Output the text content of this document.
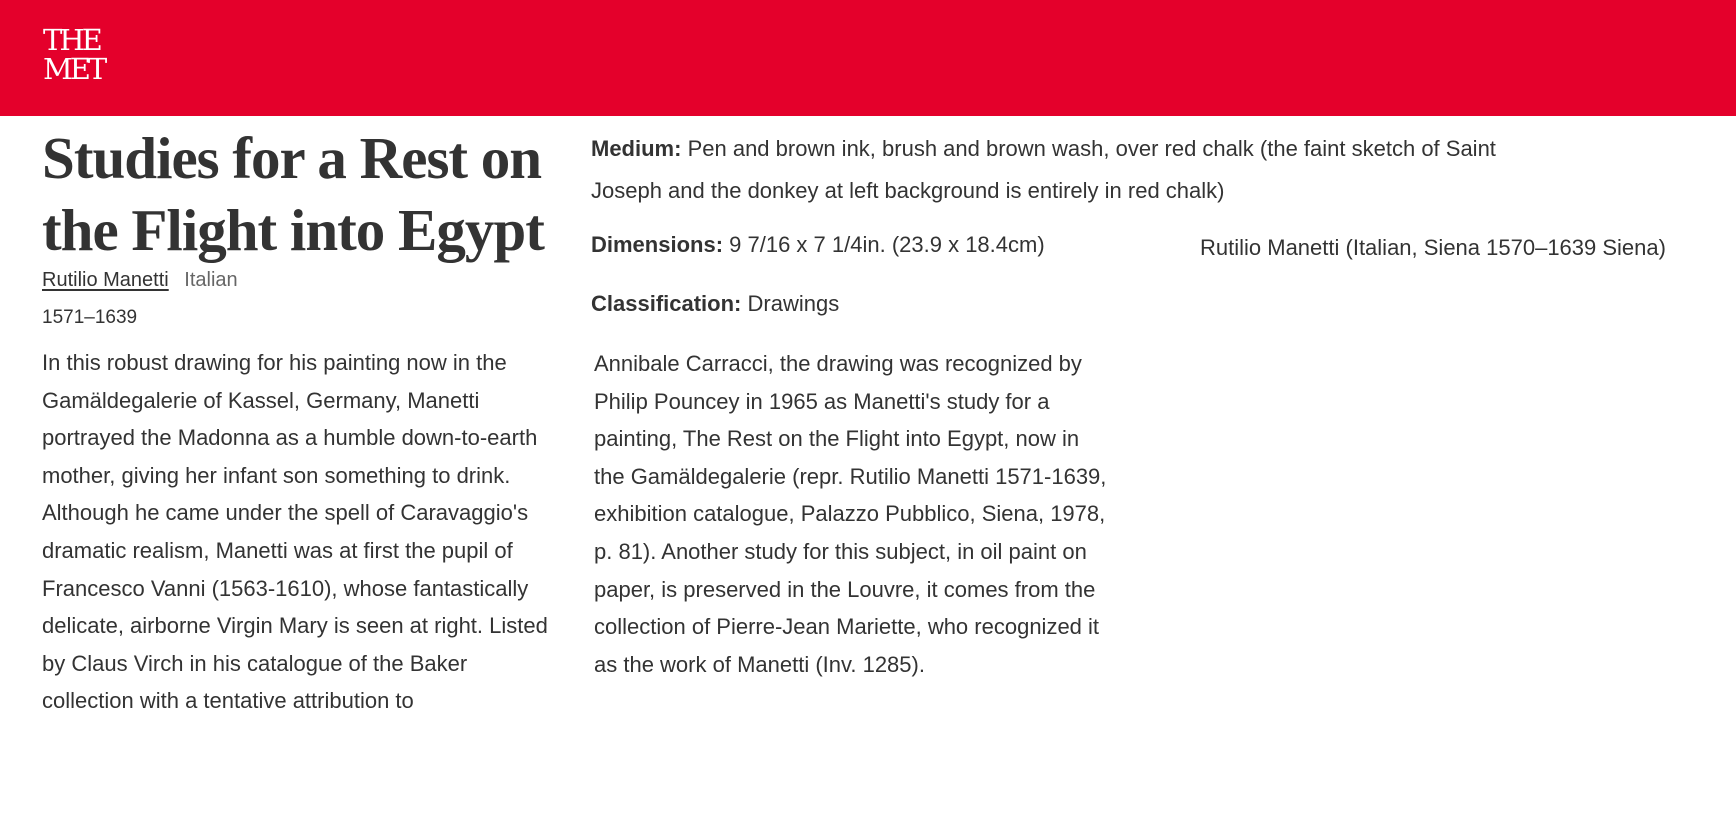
THE
MET
Studies for a Rest on the Flight into Egypt
Rutilio Manetti Italian
1571–1639

In this robust drawing for his painting now in the Gamäldegalerie of Kassel, Germany, Manetti portrayed the Madonna as a humble down-to-earth mother, giving her infant son something to drink. Although he came under the spell of Caravaggio's dramatic realism, Manetti was at first the pupil of Francesco Vanni (1563-1610), whose fantastically delicate, airborne Virgin Mary is seen at right. Listed by Claus Virch in his catalogue of the Baker collection with a tentative attribution to

Annibale Carracci, the drawing was recognized by Philip Pouncey in 1965 as Manetti's study for a painting, The Rest on the Flight into Egypt, now in the Gamäldegalerie (repr. Rutilio Manetti 1571-1639, exhibition catalogue, Palazzo Pubblico, Siena, 1978, p. 81). Another study for this subject, in oil paint on paper, is preserved in the Louvre, it comes from the collection of Pierre-Jean Mariette, who recognized it as the work of Manetti (Inv. 1285).

Medium: Pen and brown ink, brush and brown wash, over red chalk (the faint sketch of Saint Joseph and the donkey at left background is entirely in red chalk)
Dimensions: 9 7/16 x 7 1/4in. (23.9 x 18.4cm)
Classification: Drawings
Rutilio Manetti (Italian, Siena 1570–1639 Siena)
